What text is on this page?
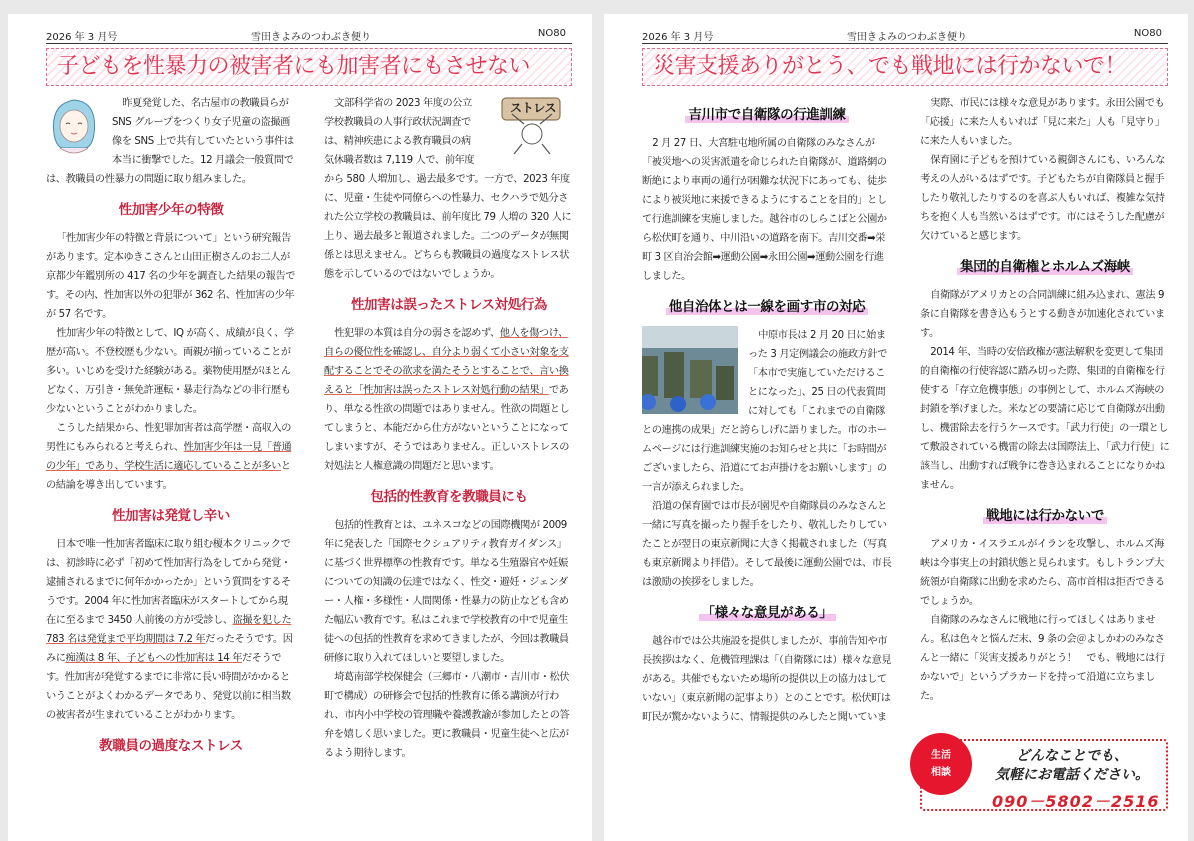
2026 年 3 月号	雪田きよみのつわぶき便り	NO80
子どもを性暴力の被害者にも加害者にもさせない

昨夏発覚した、名古屋市の教職員らが SNS グループをつくり女子児童の盗撮画像を SNS 上で共有していたという事件は本当に衝撃でした。12 月議会一般質問では、教職員の性暴力の問題に取り組みました。

性加害少年の特徴

「性加害少年の特徴と背景について」という研究報告があります。定本ゆきこさんと山田正樹さんのお二人が京都少年鑑別所の 417 名の少年を調査した結果の報告です。その内、性加害以外の犯罪が 362 名、性加害の少年が 57 名です。

性加害少年の特徴として、IQ が高く、成績が良く、学歴が高い。不登校歴も少ない。両親が揃っていることが多い。いじめを受けた経験がある。薬物使用歴がほとんどなく、万引き・無免許運転・暴走行為などの非行歴も少ないということがわかりました。

こうした結果から、性犯罪加害者は高学歴・高収入の男性にもみられると考えられ、性加害少年は一見「普通の少年」であり、学校生活に適応していることが多いとの結論を導き出しています。

性加害は発覚し辛い

日本で唯一性加害者臨床に取り組む榎本クリニックでは、初診時に必ず「初めて性加害行為をしてから発覚・逮捕されるまでに何年かかったか」という質問をするそうです。2004 年に性加害者臨床がスタートしてから現在に至るまで 3450 人前後の方が受診し、盗撮を犯した 783 名は発覚まで平均期間は 7.2 年だったそうです。因みに痴漢は 8 年、子どもへの性加害は 14 年だそうです。性加害が発覚するまでに非常に長い時間がかかるということがよくわかるデータであり、発覚以前に相当数の被害者が生まれていることがわかります。

教職員の過度なストレス

ストレス
文部科学省の 2023 年度の公立学校教職員の人事行政状況調査では、精神疾患による教育職員の病気休職者数は 7,119 人で、前年度から 580 人増加し、過去最多です。一方で、2023 年度に、児童・生徒や同僚らへの性暴力、セクハラで処分された公立学校の教職員は、前年度比 79 人増の 320 人に上り、過去最多と報道されました。二つのデータが無関係とは思えません。どちらも教職員の過度なストレス状態を示しているのではないでしょうか。

性加害は誤ったストレス対処行為

性犯罪の本質は自分の弱さを認めず、他人を傷つけ、自らの優位性を確認し、自分より弱くて小さい対象を支配することでその欲求を満たそうとすることで、言い換えると「性加害は誤ったストレス対処行動の結果」であり、単なる性欲の問題ではありません。性欲の問題としてしまうと、本能だから仕方がないということになってしまいますが、そうではありません。正しいストレスの対処法と人権意識の問題だと思います。

包括的性教育を教職員にも

包括的性教育とは、ユネスコなどの国際機関が 2009 年に発表した「国際セクシュアリティ教育ガイダンス」に基づく世界標準の性教育です。単なる生殖器官や妊娠についての知識の伝達ではなく、性交・避妊・ジェンダー・人権・多様性・人間関係・性暴力の防止なども含めた幅広い教育です。私はこれまで学校教育の中で児童生徒への包括的性教育を求めてきましたが、今回は教職員研修に取り入れてほしいと要望しました。

埼葛南部学校保健会（三郷市・八潮市・吉川市・松伏町で構成）の研修会で包括的性教育に係る講演が行われ、市内小中学校の管理職や養護教諭が参加したとの答弁を嬉しく思いました。更に教職員・児童生徒へと広がるよう期待します。

2026 年 3 月号	雪田きよみのつわぶき便り	NO80
災害支援ありがとう、でも戦地には行かないで！
吉川市で自衛隊の行進訓練

2 月 27 日、大宮駐屯地所属の自衛隊のみなさんが「被災地への災害派遣を命じられた自衛隊が、道路網の断絶により車両の通行が困難な状況下にあっても、徒歩により被災地に来援できるようにすることを目的」として行進訓練を実施しました。越谷市のしらこばと公園から松伏町を通り、中川沿いの道路を南下。吉川交番➡栄町 3 区自治会館➡運動公園➡永田公園➡運動公園を行進しました。

他自治体とは一線を画す市の対応

中原市長は 2 月 20 日に始まった 3 月定例議会の施政方針で「本市で実施していただけることになった」、25 日の代表質問に対しても「これまでの自衛隊との連携の成果」だと誇らしげに語りました。市のホームページには行進訓練実施のお知らせと共に「お時間がございましたら、沿道にてお声掛けをお願いします」の一言が添えられました。

沿道の保育園では市長が園児や自衛隊員のみなさんと一緒に写真を撮ったり握手をしたり、敬礼したりしていたことが翌日の東京新聞に大きく掲載されました（写真も東京新聞より拝借）。そして最後に運動公園では、市長は激励の挨拶をしました。

「様々な意見がある」

越谷市では公共施設を提供しましたが、事前告知や市長挨拶はなく、危機管理課は「（自衛隊には）様々な意見がある。共催でもないため場所の提供以上の協力はしていない」（東京新聞の記事より）とのことです。松伏町は町民が驚かないように、情報提供のみしたと聞いていま

実際、市民には様々な意見があります。永田公園でも「応援」に来た人もいれば「見に来た」人も「見守り」に来た人もいました。

保育園に子どもを預けている親御さんにも、いろんな考えの人がいるはずです。子どもたちが自衛隊員と握手したり敬礼したりするのを喜ぶ人もいれば、複雑な気持ちを抱く人も当然いるはずです。市にはそうした配慮が欠けていると感じます。

集団的自衛権とホルムズ海峡

自衛隊がアメリカとの合同訓練に組み込まれ、憲法 9 条に自衛隊を書き込もうとする動きが加速化されています。

2014 年、当時の安倍政権が憲法解釈を変更して集団的自衛権の行使容認に踏み切った際、集団的自衛権を行使する「存立危機事態」の事例として、ホルムズ海峡の封鎖を挙げました。米などの要請に応じて自衛隊が出動し、機雷除去を行うケースです。「武力行使」の一環として敷設されている機雷の除去は国際法上、「武力行使」に該当し、出動すれば戦争に巻き込まれることになりかねません。

戦地には行かないで

アメリカ・イスラエルがイランを攻撃し、ホルムズ海峡は今事実上の封鎖状態と見られます。もしトランプ大統領が自衛隊に出動を求めたら、高市首相は拒否できるでしょうか。

自衛隊のみなさんに戦地に行ってほしくはありません。私は色々と悩んだ末、9 条の会＠よしかわのみなさんと一緒に「災害支援ありがとう！　でも、戦地には行かないで」というプラカードを持って沿道に立ちました。

生活
相談
どんなことでも、
気軽にお電話ください。
090－5802－2516
